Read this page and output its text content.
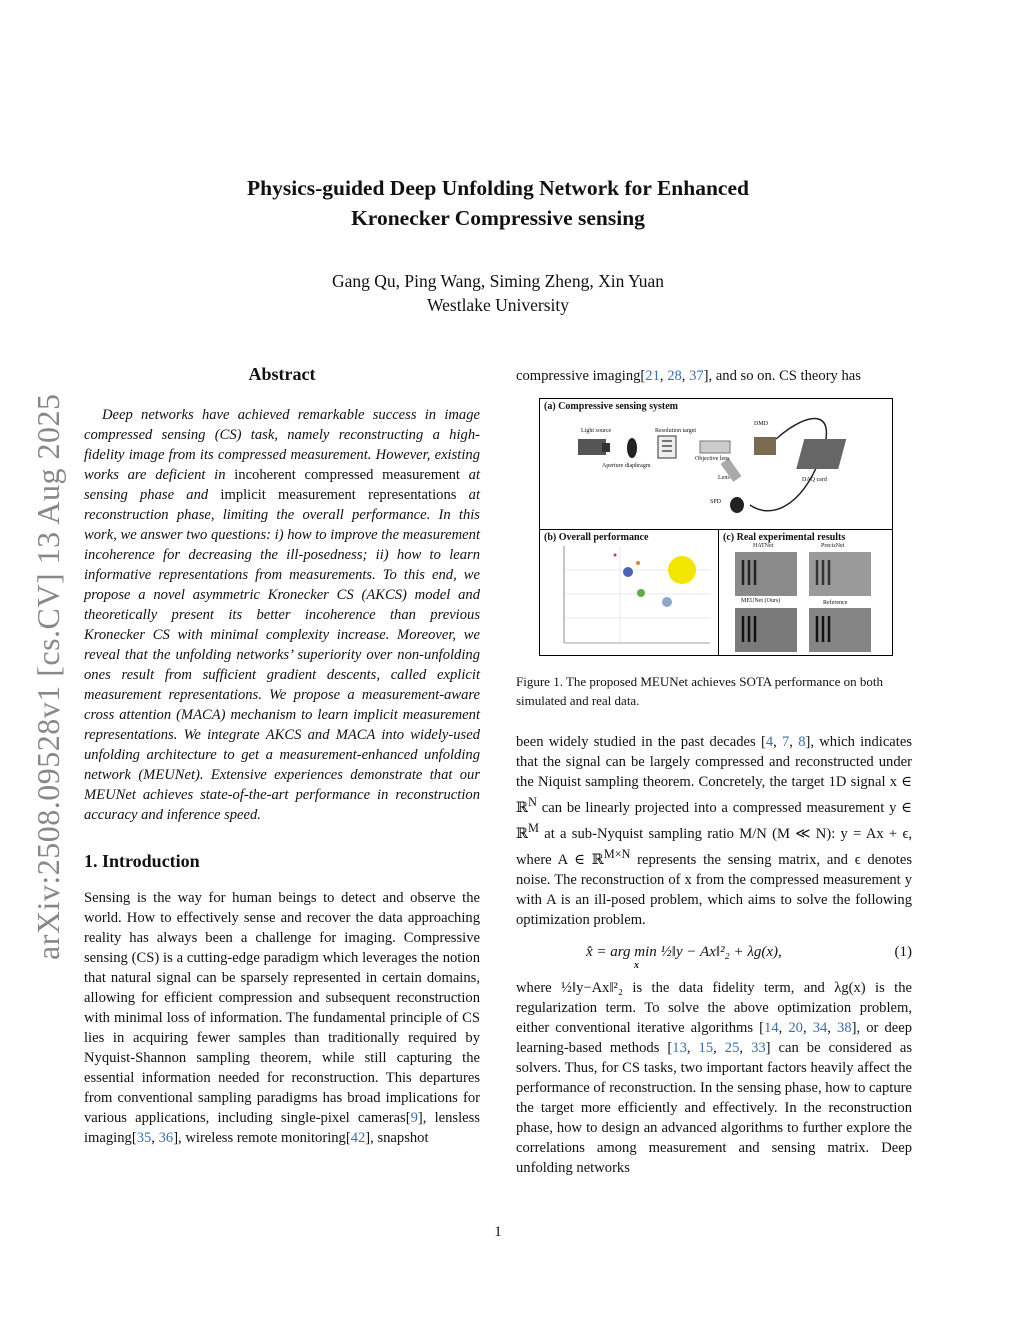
arXiv:2508.09528v1 [cs.CV] 13 Aug 2025
Physics-guided Deep Unfolding Network for Enhanced
Kronecker Compressive sensing
Gang Qu, Ping Wang, Siming Zheng, Xin Yuan
Westlake University
Abstract
Deep networks have achieved remarkable success in image compressed sensing (CS) task, namely reconstructing a high-fidelity image from its compressed measurement. However, existing works are deficient in incoherent compressed measurement at sensing phase and implicit measurement representations at reconstruction phase, limiting the overall performance. In this work, we answer two questions: i) how to improve the measurement incoherence for decreasing the ill-posedness; ii) how to learn informative representations from measurements. To this end, we propose a novel asymmetric Kronecker CS (AKCS) model and theoretically present its better incoherence than previous Kronecker CS with minimal complexity increase. Moreover, we reveal that the unfolding networks’ superiority over non-unfolding ones result from sufficient gradient descents, called explicit measurement representations. We propose a measurement-aware cross attention (MACA) mechanism to learn implicit measurement representations. We integrate AKCS and MACA into widely-used unfolding architecture to get a measurement-enhanced unfolding network (MEUNet). Extensive experiences demonstrate that our MEUNet achieves state-of-the-art performance in reconstruction accuracy and inference speed.
1. Introduction
Sensing is the way for human beings to detect and observe the world. How to effectively sense and recover the data approaching reality has always been a challenge for imaging. Compressive sensing (CS) is a cutting-edge paradigm which leverages the notion that natural signal can be sparsely represented in certain domains, allowing for efficient compression and subsequent reconstruction with minimal loss of information. The fundamental principle of CS lies in acquiring fewer samples than traditionally required by Nyquist-Shannon sampling theorem, while still capturing the essential information needed for reconstruction. This departures from conventional sampling paradigms has broad implications for various applications, including single-pixel cameras[9], lensless imaging[35, 36], wireless remote monitoring[42], snapshot
compressive imaging[21, 28, 37], and so on. CS theory has
(a) Compressive sensing system
Light source	Resolution target
DMD
Aperture diaphragm
Objective lens
Lens
SPD
DAQ card
(b) Overall performance	(c) Real experimental results
HATNet	PrecisNet
MEUNet (Ours)	Reference
Figure 1. The proposed MEUNet achieves SOTA performance on both simulated and real data.
been widely studied in the past decades [4, 7, 8], which indicates that the signal can be largely compressed and reconstructed under the Niquist sampling theorem. Concretely, the target 1D signal x ∈ ℝ$^N$ can be linearly projected into a compressed measurement y ∈ ℝ$^M$ at a sub-Nyquist sampling ratio M/N (M ≪ N): y = Ax + ϵ, where A ∈ ℝ$^{M\times N}$ represents the sensing matrix, and ϵ denotes noise. The reconstruction of x from the compressed measurement y with A is an ill-posed problem, which aims to solve the following optimization problem.
x̂ = arg min ½‖y − Ax‖²₂ + λg(x),
x
(1)
where ½‖y−Ax‖²₂ is the data fidelity term, and λg(x) is the regularization term. To solve the above optimization problem, either conventional iterative algorithms [14, 20, 34, 38], or deep learning-based methods [13, 15, 25, 33] can be considered as solvers. Thus, for CS tasks, two important factors heavily affect the performance of reconstruction. In the sensing phase, how to capture the target more efficiently and effectively. In the reconstruction phase, how to design an advanced algorithms to further explore the correlations among measurement and sensing matrix. Deep unfolding networks
1
